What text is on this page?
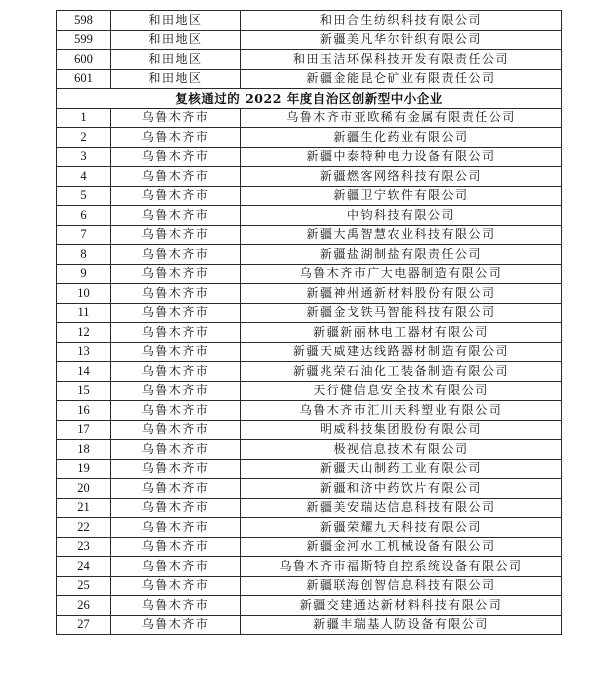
598	和田地区	和田合生纺织科技有限公司
599	和田地区	新疆美凡华尔针织有限公司
600	和田地区	和田玉洁环保科技开发有限责任公司
601	和田地区	新疆金能昆仑矿业有限责任公司
复核通过的 2022 年度自治区创新型中小企业		
1	乌鲁木齐市	乌鲁木齐市亚欧稀有金属有限责任公司
2	乌鲁木齐市	新疆生化药业有限公司
3	乌鲁木齐市	新疆中泰特种电力设备有限公司
4	乌鲁木齐市	新疆燃客网络科技有限公司
5	乌鲁木齐市	新疆卫宁软件有限公司
6	乌鲁木齐市	中钧科技有限公司
7	乌鲁木齐市	新疆大禹智慧农业科技有限公司
8	乌鲁木齐市	新疆盐湖制盐有限责任公司
9	乌鲁木齐市	乌鲁木齐市广大电器制造有限公司
10	乌鲁木齐市	新疆神州通新材料股份有限公司
11	乌鲁木齐市	新疆金戈铁马智能科技有限公司
12	乌鲁木齐市	新疆新丽林电工器材有限公司
13	乌鲁木齐市	新疆天威建达线路器材制造有限公司
14	乌鲁木齐市	新疆兆荣石油化工装备制造有限公司
15	乌鲁木齐市	天行健信息安全技术有限公司
16	乌鲁木齐市	乌鲁木齐市汇川天科塑业有限公司
17	乌鲁木齐市	明威科技集团股份有限公司
18	乌鲁木齐市	极视信息技术有限公司
19	乌鲁木齐市	新疆天山制药工业有限公司
20	乌鲁木齐市	新疆和济中药饮片有限公司
21	乌鲁木齐市	新疆美安瑞达信息科技有限公司
22	乌鲁木齐市	新疆荣耀九天科技有限公司
23	乌鲁木齐市	新疆金河水工机械设备有限公司
24	乌鲁木齐市	乌鲁木齐市福斯特自控系统设备有限公司
25	乌鲁木齐市	新疆联海创智信息科技有限公司
26	乌鲁木齐市	新疆交建通达新材料科技有限公司
27	乌鲁木齐市	新疆丰瑞基人防设备有限公司
